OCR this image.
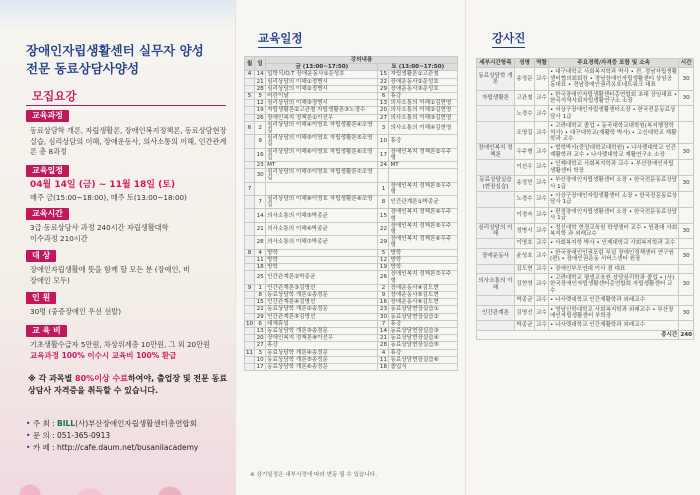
장애인자립생활센터 실무자 양성
전문 동료상담사양성
모집요강
교육과정
동료상담학 개론, 자립생활론, 장애인복지정책론, 동료상담현장실습, 심리상담의 이해, 장애운동사, 의사소통의 이해, 인간관계론 총 8과정
교육일정
04월 14일 (금) ~ 11월 18일 (토)
매주 금(15:00~18:00), 매주 토(13:00~18:00)
교육시간
3급 동료상담사 과정 240시간 자립생활대학 이수과정 210시간
대 상
장애인자립생활에 뜻을 함께 할 모든 분 (장애인, 비장애인 모두)
인 원
30명 (중증장애인 우선 선발)
교 육 비
기초생활수급자 5만원, 차상위계층 10만원, 그 외 20만원
교육과정 100% 이수시 교육비 100% 환급
※ 각 과목별 80%이상 수료하여야, 출업장 및 전문 동료상담사 자격증을 취득할 수 있습니다.
• 주 최 : BILL(사)부산장애인자립생활센터총연합회
• 문 의 : 051-365-0913
• 카 페 : http://cafe.daum.net/busanilacademy
교육일정
월	일	강의내용		
		금 (13:00~17:50)	토 (13:00~17:50)	
4	14	입학식/O.T 장애운동사①운성호	15	자립생활론①고관철
	21	심리상담의 이해①정병시	22	장애운동사②운성호
	28	심리상담의 이해②정병시	29	장애운동사③운성호
5	5	어린이날	6	휴강
	12	심리상담의 이해③정병시	13	의사소통의 이해①김현영
	19	자립생활론②고관철 자립생활론③노경수	20	의사소통의 이해②김현영
	26	장애인복지 정책론①이선우	27	의사소통의 이해③김현영
6	2	심리상담의 이해④이영호 자립생활론④조영길	3	의사소통의 이해④김현영
	9	심리상담의 이해⑤이영호 자립생활론⑤조영길	10	휴강
	16	심리상담의 이해⑥이영호 자립생활론⑥조영길	17	장애인복지 정책론②우주형
	23	MT	24	MT
	30	심리상담의 이해⑦이영호 자립생활론⑦조영길		
7			1	장애인복지 정책론③우주형
	7	심리상담의 이해⑧이영호 자립생활론⑧조영길	8	인간관계론①박종균
	14	의사소통의 이해⑤박종균	15	장애인복지 정책론④우주형
	21	의사소통의 이해⑥박종균	22	장애인복지 정책론⑤우주형
	28	의사소통의 이해⑦박종균	29	장애인복지 정책론⑥우주형
8	4	방학	5	방학
	11	방학	12	방학
	18	방학	19	방학
	25	인간관계론②박종균	26	장애인복지 정책론⑦우주형
9	1	인간관계론③김명선	2	장애운동사④김도현
	8	동료상담학 개론①송정문	9	장애운동사⑤김도현
	15	인간관계론④김명선	16	장애운동사⑥김도현
	22	동료상담학 개론②송정문	23	동료상담현장실습①
	29	인간관계론⑤김명선	30	동료상담현장실습②
10	6	대체휴일	7	휴강
	13	동료상담학 개론③송정문	14	동료상담현장실습③
	20	장애인복지 정책론⑧이선우	21	동료상담현장실습④
	27	휴강	28	동료상담현장실습⑤
11	3	동료상담학 개론④송정문	4	휴강
	10	동료상담학 개론⑤송정문	11	동료상담현장실습⑥
	17	동료상담학 개론⑥송정문	18	졸업식
※ 상기일정은 내부사정에 따라 변동 될 수 있습니다.
강사진
세부시간항목	성명	역할	주요경력/자격증 포함 및 소속	시간
동료상담학 개론	송정문	교수	• 대구대학교 사회복지학과 박사 • 전. 경남자립생활센터협의회회장 • 경남장애인자립생활센터 상임공동대표 • 경남장애인권리옹호네트워크 대표	30
자립생활론	고관철	교수	• 한국장애인자립생활센터총연합회 초대 상임대표 • 한국지역사회자립생활연구소 소장	30
	노경수	교수	• 서상구장애인자립생활센터소장 • 한국전문동료상담사 1급	
	조영길	교수	• 고려대학교 졸업 • 동국대학교대학원(복지행정학 석사) • 대구대학교(재활학 박사) • 고신대학교 재활학과 교수	
장애인복지 정책론	우주형	교수	• 법학박사(중앙대학교대학원) • 나사렛대학교 인간재활학과 교수 • 나사렛대학교 재활연구소 소장	30
	이선우	교수	• 인제대학교 사회복지학과 교수 • 부산장애인자립생활센터 학장	
동료상담실습 (현장실습)	송정민	교수	• 부산장애인자립생활센터 소장 • 한국전문동료상담사 1급	30
	노경수	교수	• 사상구장애인자립생활센터 소장 • 한국전문동료상담사 1급	
	이경숙	교수	• 편정장애인자립생활센터 소장 • 한국전문동료상담사 1급	
심리상담의 이해	정병시	교수	• 정신대학 현경교육원 학생센터 교수 • 원광대 사회복지학 과 외래교수	30
	이영호	교수	• 사회복지학 박사 • 인제대학교 사회복지학과 교수	
장애운동사	윤성호	교수	• 한국장애인인권포럼 부설 장애인정책센터 연구원(편) • 장애인권운동 서비스센터 원장	30
	김도현	교수	• 장애인부모연대 이사 겸 대표	
의사소통의 이해	김현영	교수	• 고려대학교 평생교육원 상담심리학과 졸업 • (사)한국장애인자립생활센터총연합회 자립생활센터 교수	30
	박종균	교수	• 나사렛대학교 인간재활학과 외래교수	
인간관계론	김명선	교수	• 영남신학대학교 사회복지학과 외래교수 • 부산장애인자립생활센터 부학장	30
	박종균	교수	• 나사렛대학교 인간재활학과 외래교수	
총시간				240
